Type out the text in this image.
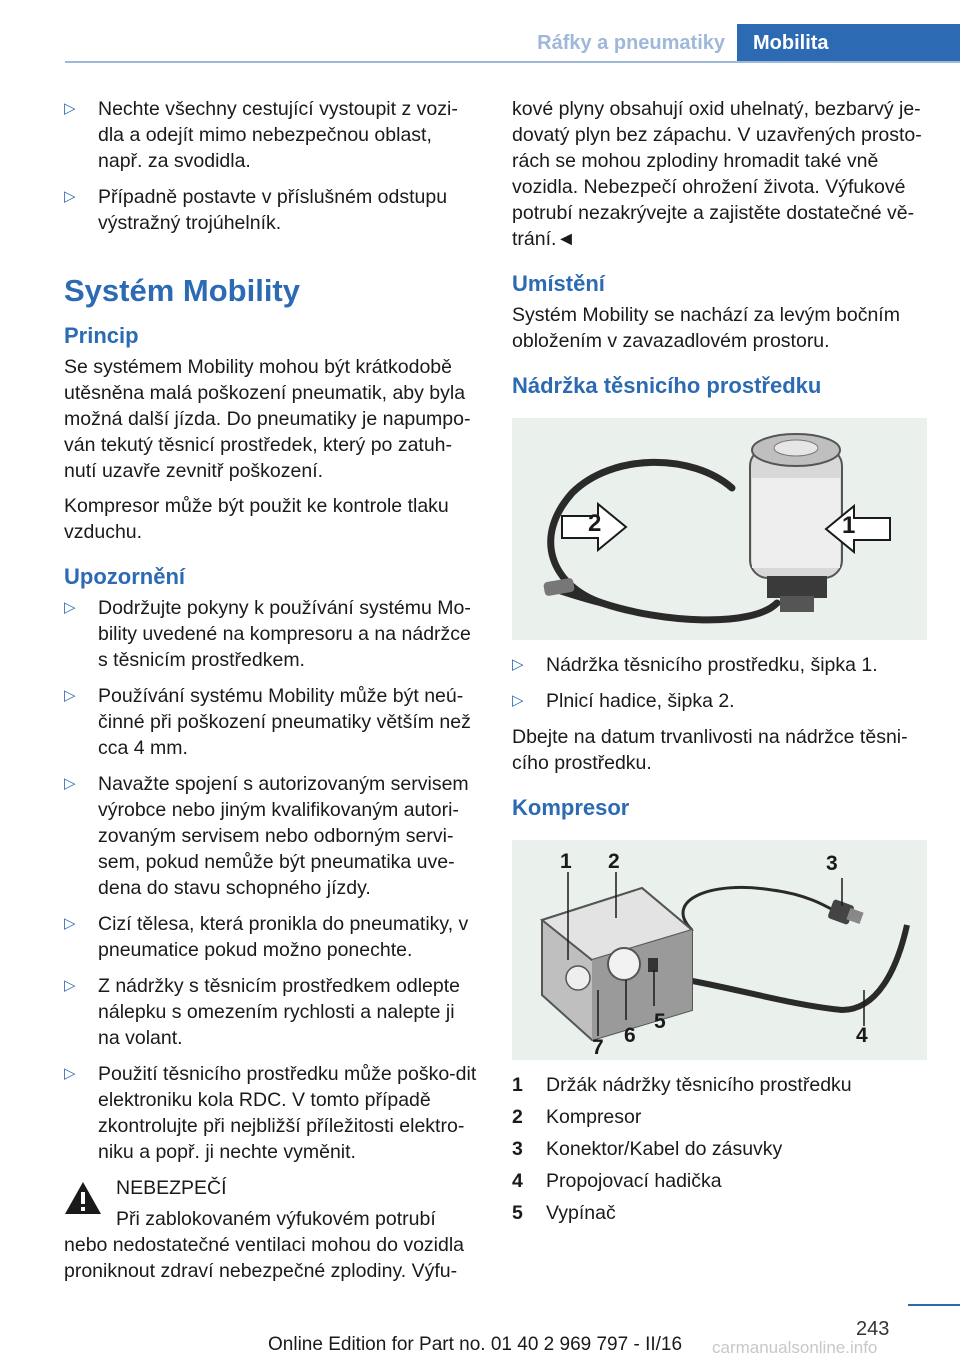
Ráfky a pneumatiky	Mobilita
▷ Nechte všechny cestující vystoupit z vozi-dla a odejít mimo nebezpečnou oblast, např. za svodidla.
▷ Případně postavte v příslušném odstupu výstražný trojúhelník.
Systém Mobility
Princip

Se systémem Mobility mohou být krátkodobě utěsněna malá poškození pneumatik, aby byla možná další jízda. Do pneumatiky je napumpo-ván tekutý těsnicí prostředek, který po zatuh-nutí uzavře zevnitř poškození.

Kompresor může být použit ke kontrole tlaku vzduchu.

Upozornění
▷ Dodržujte pokyny k používání systému Mo-bility uvedené na kompresoru a na nádržce s těsnicím prostředkem.
▷ Používání systému Mobility může být neú-činné při poškození pneumatiky větším než cca 4 mm.
▷ Navažte spojení s autorizovaným servisem výrobce nebo jiným kvalifikovaným autori-zovaným servisem nebo odborným servi-sem, pokud nemůže být pneumatika uve-dena do stavu schopného jízdy.
▷ Cizí tělesa, která pronikla do pneumatiky, v pneumatice pokud možno ponechte.
▷ Z nádržky s těsnicím prostředkem odlepte nálepku s omezením rychlosti a nalepte ji na volant.
▷ Použití těsnicího prostředku může poško-dit elektroniku kola RDC. V tomto případě zkontrolujte při nejbližší příležitosti elektro-niku a popř. ji nechte vyměnit.
NEBEZPEČÍ
Při zablokovaném výfukovém potrubí
nebo nedostatečné ventilaci mohou do vozidla proniknout zdraví nebezpečné zplodiny. Výfu-

kové plyny obsahují oxid uhelnatý, bezbarvý je-dovatý plyn bez zápachu. V uzavřených prosto-rách se mohou zplodiny hromadit také vně vozidla. Nebezpečí ohrožení života. Výfukové potrubí nezakrývejte a zajistěte dostatečné vě-trání.◄

Umístění

Systém Mobility se nachází za levým bočním obložením v zavazadlovém prostoru.

Nádržka těsnicího prostředku
2	1
▷ Nádržka těsnicího prostředku, šipka 1.
▷ Plnicí hadice, šipka 2.

Dbejte na datum trvanlivosti na nádržce těsni-cího prostředku.

Kompresor
1 2	3
4
5
6
7
1 Držák nádržky těsnicího prostředku
2 Kompresor
3 Konektor/Kabel do zásuvky
4 Propojovací hadička
5 Vypínač
243
Online Edition for Part no. 01 40 2 969 797 - II/16 carmanualsonline.info
